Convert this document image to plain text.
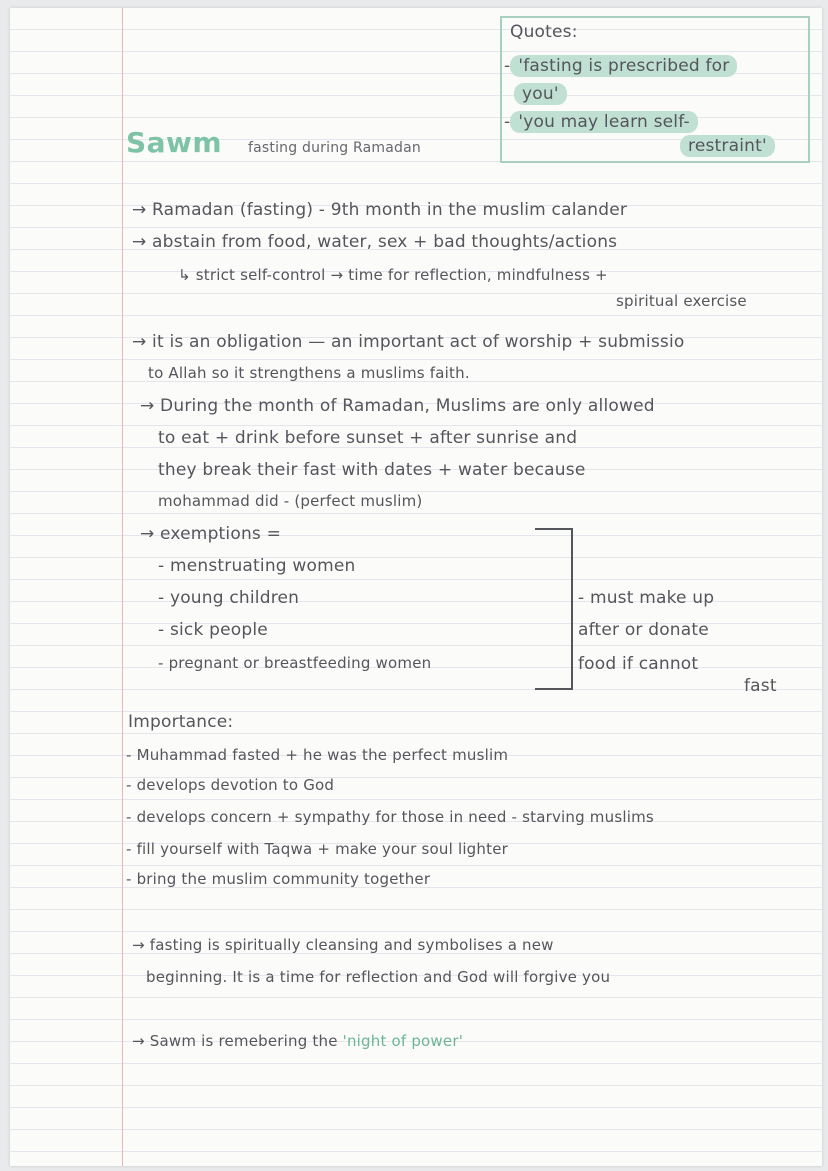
Quotes:
- 'fasting is prescribed for
you'
- 'you may learn self-
restraint'
Sawm fasting during Ramadan
→ Ramadan (fasting) - 9th month in the muslim calander
→ abstain from food, water, sex + bad thoughts/actions
↳ strict self-control → time for reflection, mindfulness +
spiritual exercise
→ it is an obligation — an important act of worship + submissio
to Allah so it strengthens a muslims faith.
→ During the month of Ramadan, Muslims are only allowed
to eat + drink before sunset + after sunrise and
they break their fast with dates + water because
mohammad did - (perfect muslim)
→ exemptions =
- menstruating women
- young children
- sick people
- pregnant or breastfeeding women
- must make up
after or donate
food if cannot
fast
Importance:
- Muhammad fasted + he was the perfect muslim
- develops devotion to God
- develops concern + sympathy for those in need - starving muslims
- fill yourself with Taqwa + make your soul lighter
- bring the muslim community together
→ fasting is spiritually cleansing and symbolises a new
beginning. It is a time for reflection and God will forgive you
→ Sawm is remebering the 'night of power'
